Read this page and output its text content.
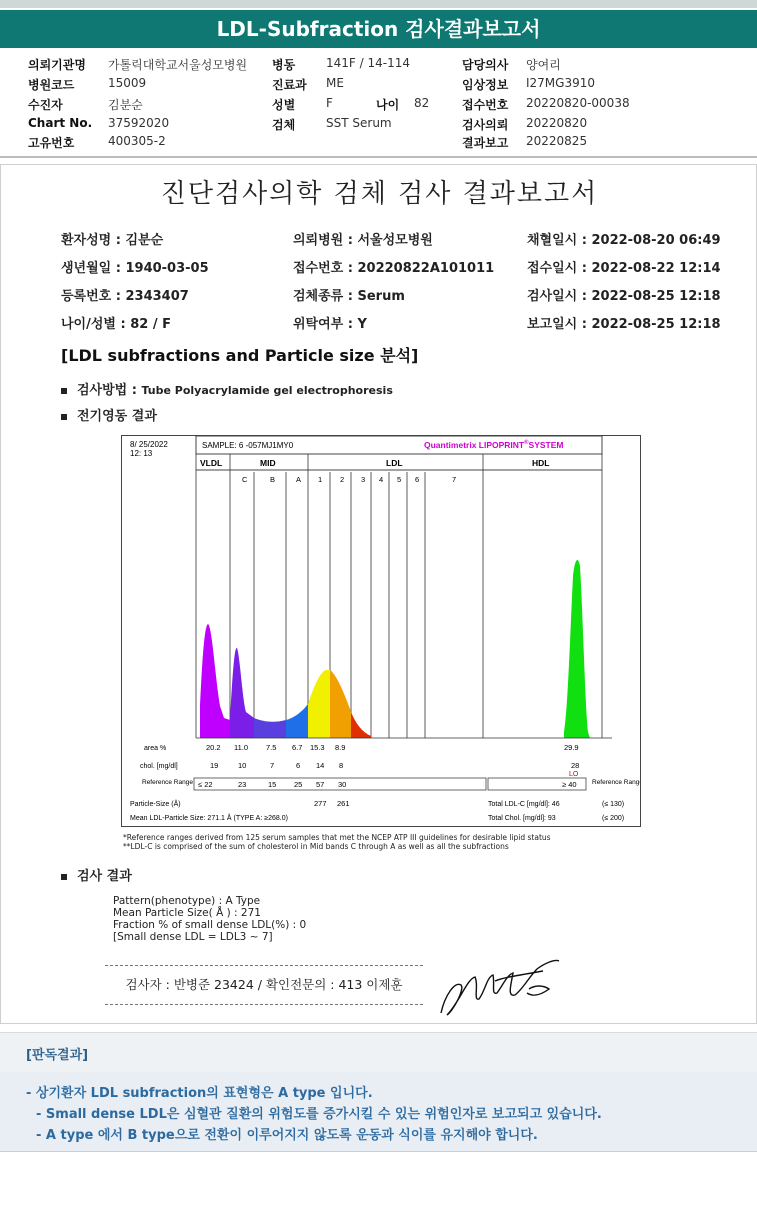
LDL-Subfraction 검사결과보고서
의뢰기관명 가톨릭대학교서울성모병원
병원코드	15009
수진자	김분순
Chart No. 37592020
고유번호	400305-2
병동	141F / 14-114
진료과 ME
성별	F	나이 82
검체	SST Serum
담당의사 양여리
임상정보 I27MG3910
접수번호 20220820-00038
검사의뢰 20220820
결과보고 20220825
진단검사의학 검체 검사 결과보고서
환자성명 : 김분순
생년월일 : 1940-03-05
등록번호 : 2343407
나이/성별 : 82 / F
의뢰병원 : 서울성모병원
접수번호 : 20220822A101011
검체종류 : Serum
위탁여부 : Y
채혈일시 : 2022-08-20 06:49
접수일시 : 2022-08-22 12:14
검사일시 : 2022-08-25 12:18
보고일시 : 2022-08-25 12:18
[LDL subfractions and Particle size 분석]
검사방법 : Tube Polyacrylamide gel electrophoresis
전기영동 결과
8/ 25/2022
12: 13
SAMPLE: 6 -057MJ1MY0	Quantimetrix LIPOPRINT®SYSTEM
VLDL	MID	LDL	HDL
C	B	A 1 2 3 4 5 6	7
area %	20.2 11.0 7.5 6.7 15.3 8.9	29.9
chol. [mg/dl]	19	10	7	6 14 8	28
LO
Reference Range ≤ 22	23	15 25 57 30	≥ 40 Reference Range
Particle-Size (Å)	277 261	Total LDL-C [mg/dl]: 46	(≤ 130)
Mean LDL-Particle Size: 271.1 Å (TYPE A: ≥268.0)	Total Chol. [mg/dl]: 93	(≤ 200)
*Reference ranges derived from 125 serum samples that met the NCEP ATP III guidelines for desirable lipid status
**LDL-C is comprised of the sum of cholesterol in Mid bands C through A as well as all the subfractions
검사 결과
Pattern(phenotype) : A Type
Mean Particle Size( Å ) : 271
Fraction % of small dense LDL(%) : 0
[Small dense LDL = LDL3 ~ 7]
검사자 : 반병준 23424 / 확인전문의 : 413 이제훈
[판독결과]
- 상기환자 LDL subfraction의 표현형은 A type 입니다.
- Small dense LDL은 심혈관 질환의 위험도를 증가시킬 수 있는 위험인자로 보고되고 있습니다.
- A type 에서 B type으로 전환이 이루어지지 않도록 운동과 식이를 유지해야 합니다.
